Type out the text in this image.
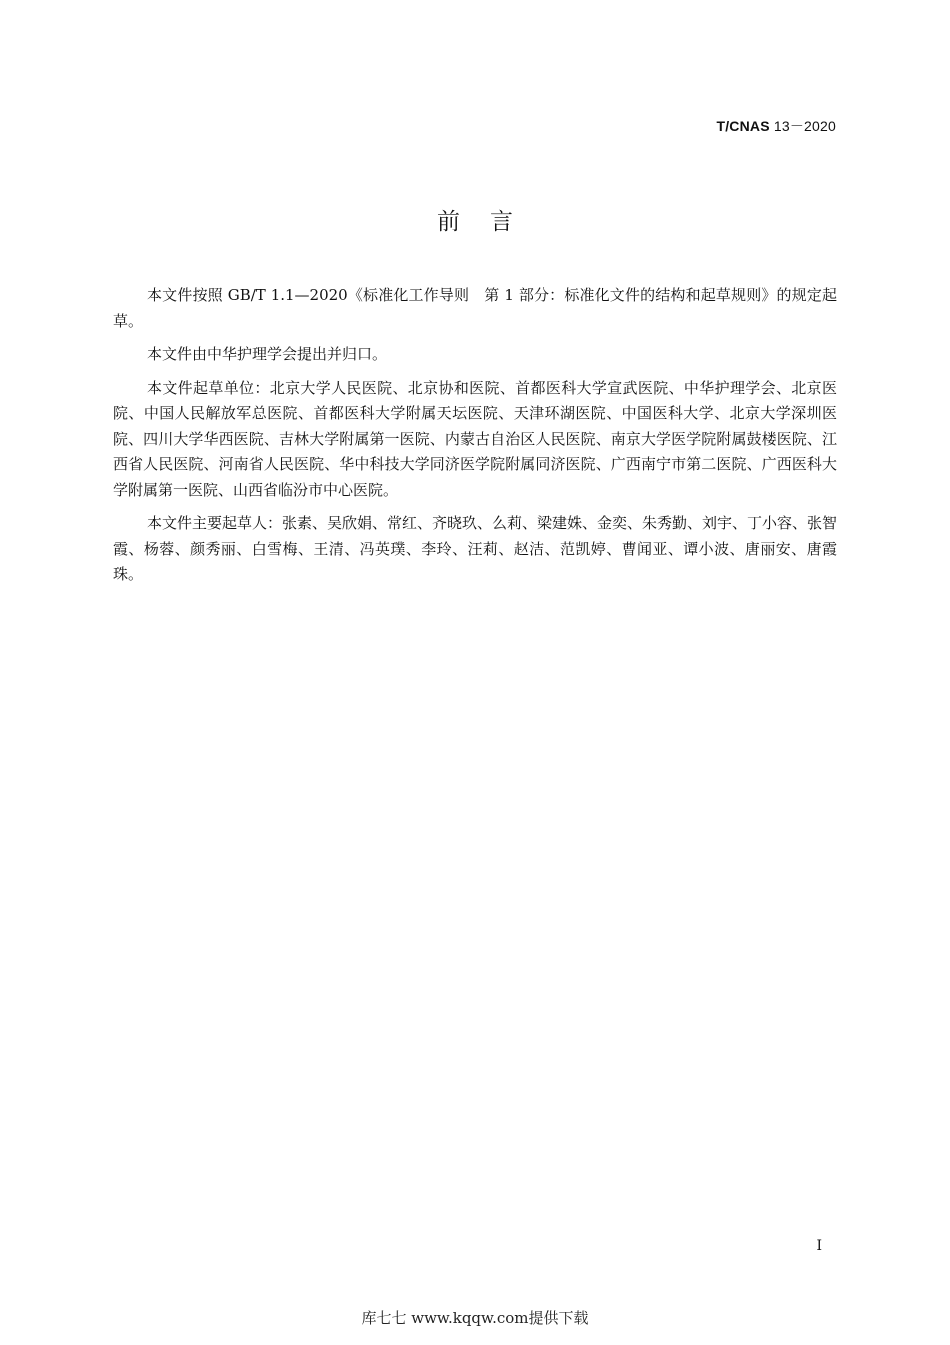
T/CNAS 13－2020
前言

本文件按照 GB/T 1.1—2020《标准化工作导则　第 1 部分：标准化文件的结构和起草规则》的规定起草。

本文件由中华护理学会提出并归口。

本文件起草单位：北京大学人民医院、北京协和医院、首都医科大学宣武医院、中华护理学会、北京医院、中国人民解放军总医院、首都医科大学附属天坛医院、天津环湖医院、中国医科大学、北京大学深圳医院、四川大学华西医院、吉林大学附属第一医院、内蒙古自治区人民医院、南京大学医学院附属鼓楼医院、江西省人民医院、河南省人民医院、华中科技大学同济医学院附属同济医院、广西南宁市第二医院、广西医科大学附属第一医院、山西省临汾市中心医院。

本文件主要起草人：张素、吴欣娟、常红、齐晓玖、么莉、梁建姝、金奕、朱秀勤、刘宇、丁小容、张智霞、杨蓉、颜秀丽、白雪梅、王清、冯英璞、李玲、汪莉、赵洁、范凯婷、曹闻亚、谭小波、唐丽安、唐霞珠。

I
库七七 www.kqqw.com提供下载
